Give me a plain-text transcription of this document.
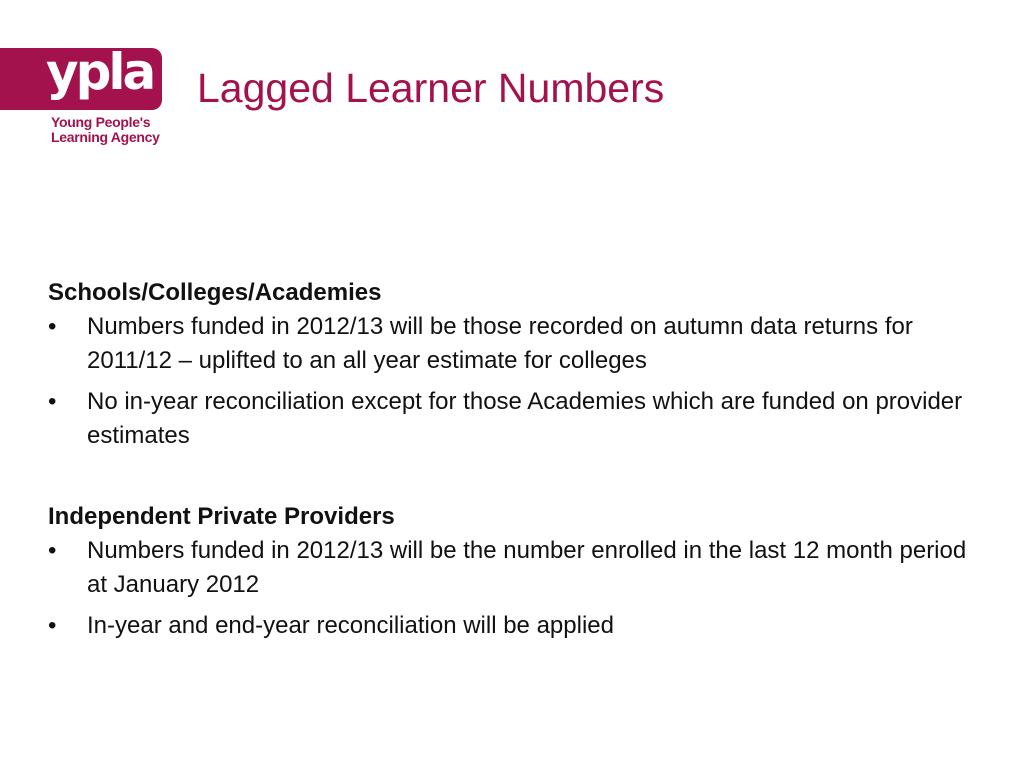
ypla
Young People's
Learning Agency
Lagged Learner Numbers

Schools/Colleges/Academies

• Numbers funded in 2012/13 will be those recorded on autumn data returns for 2011/12 – uplifted to an all year estimate for colleges
• No in-year reconciliation except for those Academies which are funded on provider estimates

Independent Private Providers

• Numbers funded in 2012/13 will be the number enrolled in the last 12 month period at January 2012
• In-year and end-year reconciliation will be applied
